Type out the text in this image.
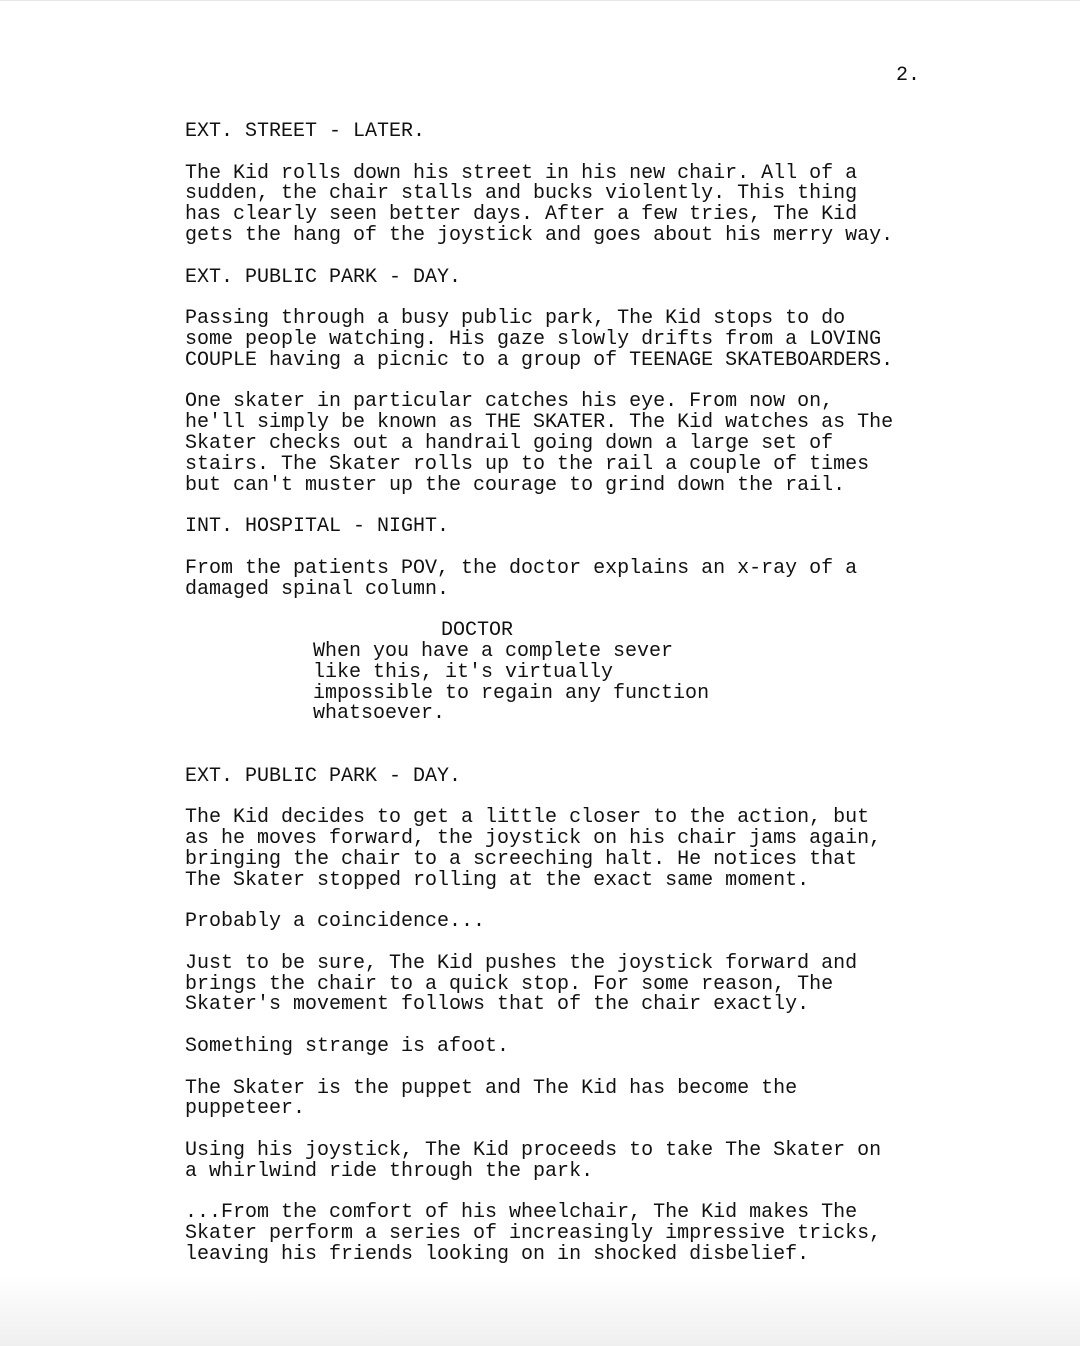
2.
EXT. STREET - LATER.
The Kid rolls down his street in his new chair. All of a
sudden, the chair stalls and bucks violently. This thing
has clearly seen better days. After a few tries, The Kid
gets the hang of the joystick and goes about his merry way.
EXT. PUBLIC PARK - DAY.
Passing through a busy public park, The Kid stops to do
some people watching. His gaze slowly drifts from a LOVING
COUPLE having a picnic to a group of TEENAGE SKATEBOARDERS.
One skater in particular catches his eye. From now on,
he'll simply be known as THE SKATER. The Kid watches as The
Skater checks out a handrail going down a large set of
stairs. The Skater rolls up to the rail a couple of times
but can't muster up the courage to grind down the rail.
INT. HOSPITAL - NIGHT.
From the patients POV, the doctor explains an x-ray of a
damaged spinal column.
DOCTOR
When you have a complete sever
like this, it's virtually
impossible to regain any function
whatsoever.
EXT. PUBLIC PARK - DAY.
The Kid decides to get a little closer to the action, but
as he moves forward, the joystick on his chair jams again,
bringing the chair to a screeching halt. He notices that
The Skater stopped rolling at the exact same moment.
Probably a coincidence...
Just to be sure, The Kid pushes the joystick forward and
brings the chair to a quick stop. For some reason, The
Skater's movement follows that of the chair exactly.
Something strange is afoot.
The Skater is the puppet and The Kid has become the
puppeteer.
Using his joystick, The Kid proceeds to take The Skater on
a whirlwind ride through the park.
...From the comfort of his wheelchair, The Kid makes The
Skater perform a series of increasingly impressive tricks,
leaving his friends looking on in shocked disbelief.
